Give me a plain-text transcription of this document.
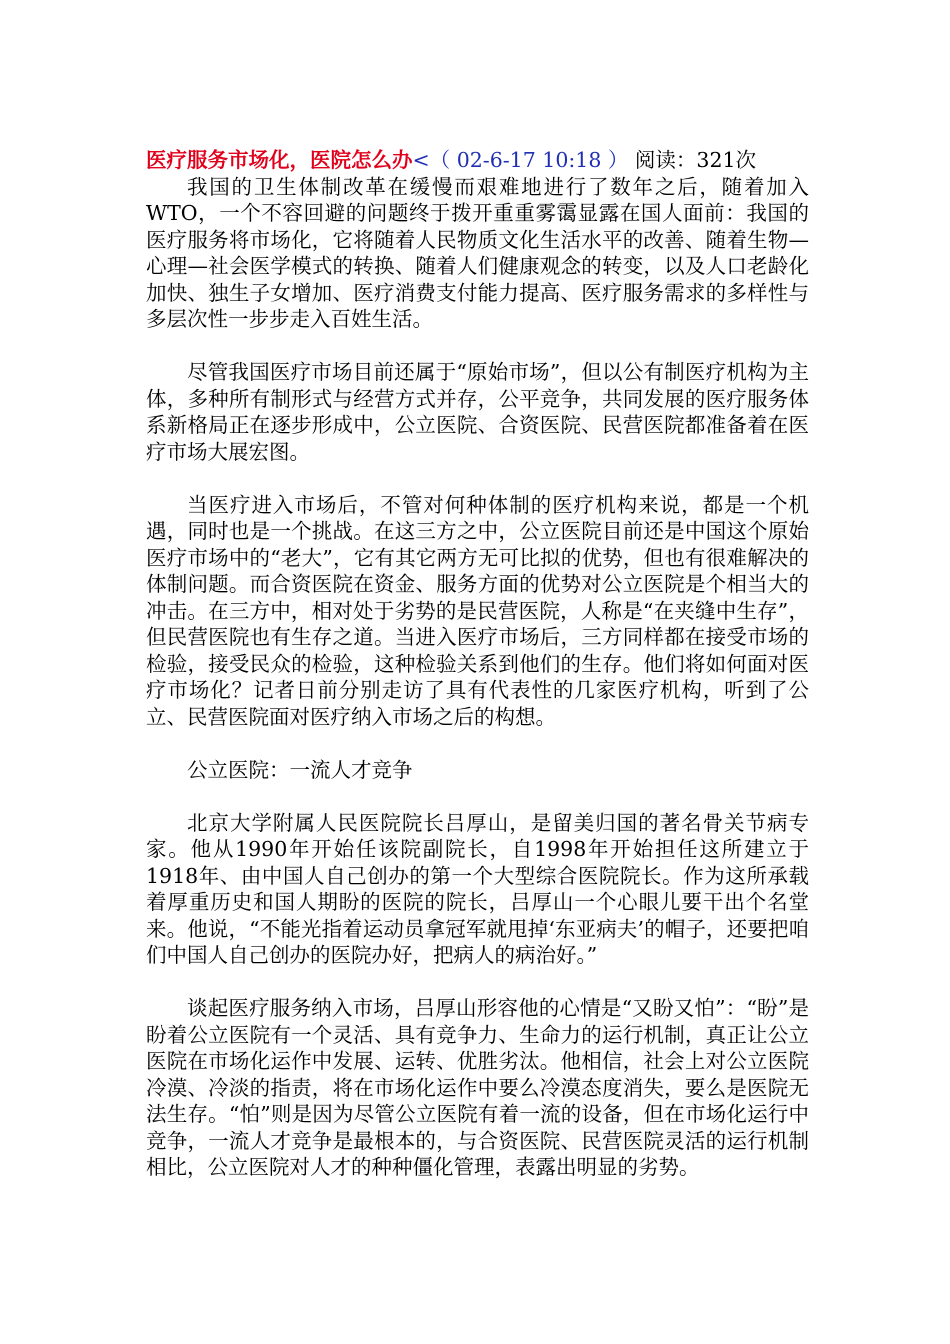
医疗服务市场化，医院怎么办<（ 02-6-17 10:18 ） 阅读：321次

我国的卫生体制改革在缓慢而艰难地进行了数年之后，随着加入WTO，一个不容回避的问题终于拨开重重雾霭显露在国人面前：我国的医疗服务将市场化，它将随着人民物质文化生活水平的改善、随着生物—心理—社会医学模式的转换、随着人们健康观念的转变，以及人口老龄化加快、独生子女增加、医疗消费支付能力提高、医疗服务需求的多样性与多层次性一步步走入百姓生活。

尽管我国医疗市场目前还属于“原始市场”，但以公有制医疗机构为主体，多种所有制形式与经营方式并存，公平竞争，共同发展的医疗服务体系新格局正在逐步形成中，公立医院、合资医院、民营医院都准备着在医疗市场大展宏图。

当医疗进入市场后，不管对何种体制的医疗机构来说，都是一个机遇，同时也是一个挑战。在这三方之中，公立医院目前还是中国这个原始医疗市场中的“老大”，它有其它两方无可比拟的优势，但也有很难解决的体制问题。而合资医院在资金、服务方面的优势对公立医院是个相当大的冲击。在三方中，相对处于劣势的是民营医院，人称是“在夹缝中生存”，但民营医院也有生存之道。当进入医疗市场后，三方同样都在接受市场的检验，接受民众的检验，这种检验关系到他们的生存。他们将如何面对医疗市场化？记者日前分别走访了具有代表性的几家医疗机构，听到了公立、民营医院面对医疗纳入市场之后的构想。

公立医院：一流人才竞争

北京大学附属人民医院院长吕厚山，是留美归国的著名骨关节病专家。他从1990年开始任该院副院长，自1998年开始担任这所建立于1918年、由中国人自己创办的第一个大型综合医院院长。作为这所承载着厚重历史和国人期盼的医院的院长，吕厚山一个心眼儿要干出个名堂来。他说，“不能光指着运动员拿冠军就甩掉‘东亚病夫’的帽子，还要把咱们中国人自己创办的医院办好，把病人的病治好。”

谈起医疗服务纳入市场，吕厚山形容他的心情是“又盼又怕”：“盼”是盼着公立医院有一个灵活、具有竞争力、生命力的运行机制，真正让公立医院在市场化运作中发展、运转、优胜劣汰。他相信，社会上对公立医院冷漠、冷淡的指责，将在市场化运作中要么冷漠态度消失，要么是医院无法生存。“怕”则是因为尽管公立医院有着一流的设备，但在市场化运行中竞争，一流人才竞争是最根本的，与合资医院、民营医院灵活的运行机制相比，公立医院对人才的种种僵化管理，表露出明显的劣势。
